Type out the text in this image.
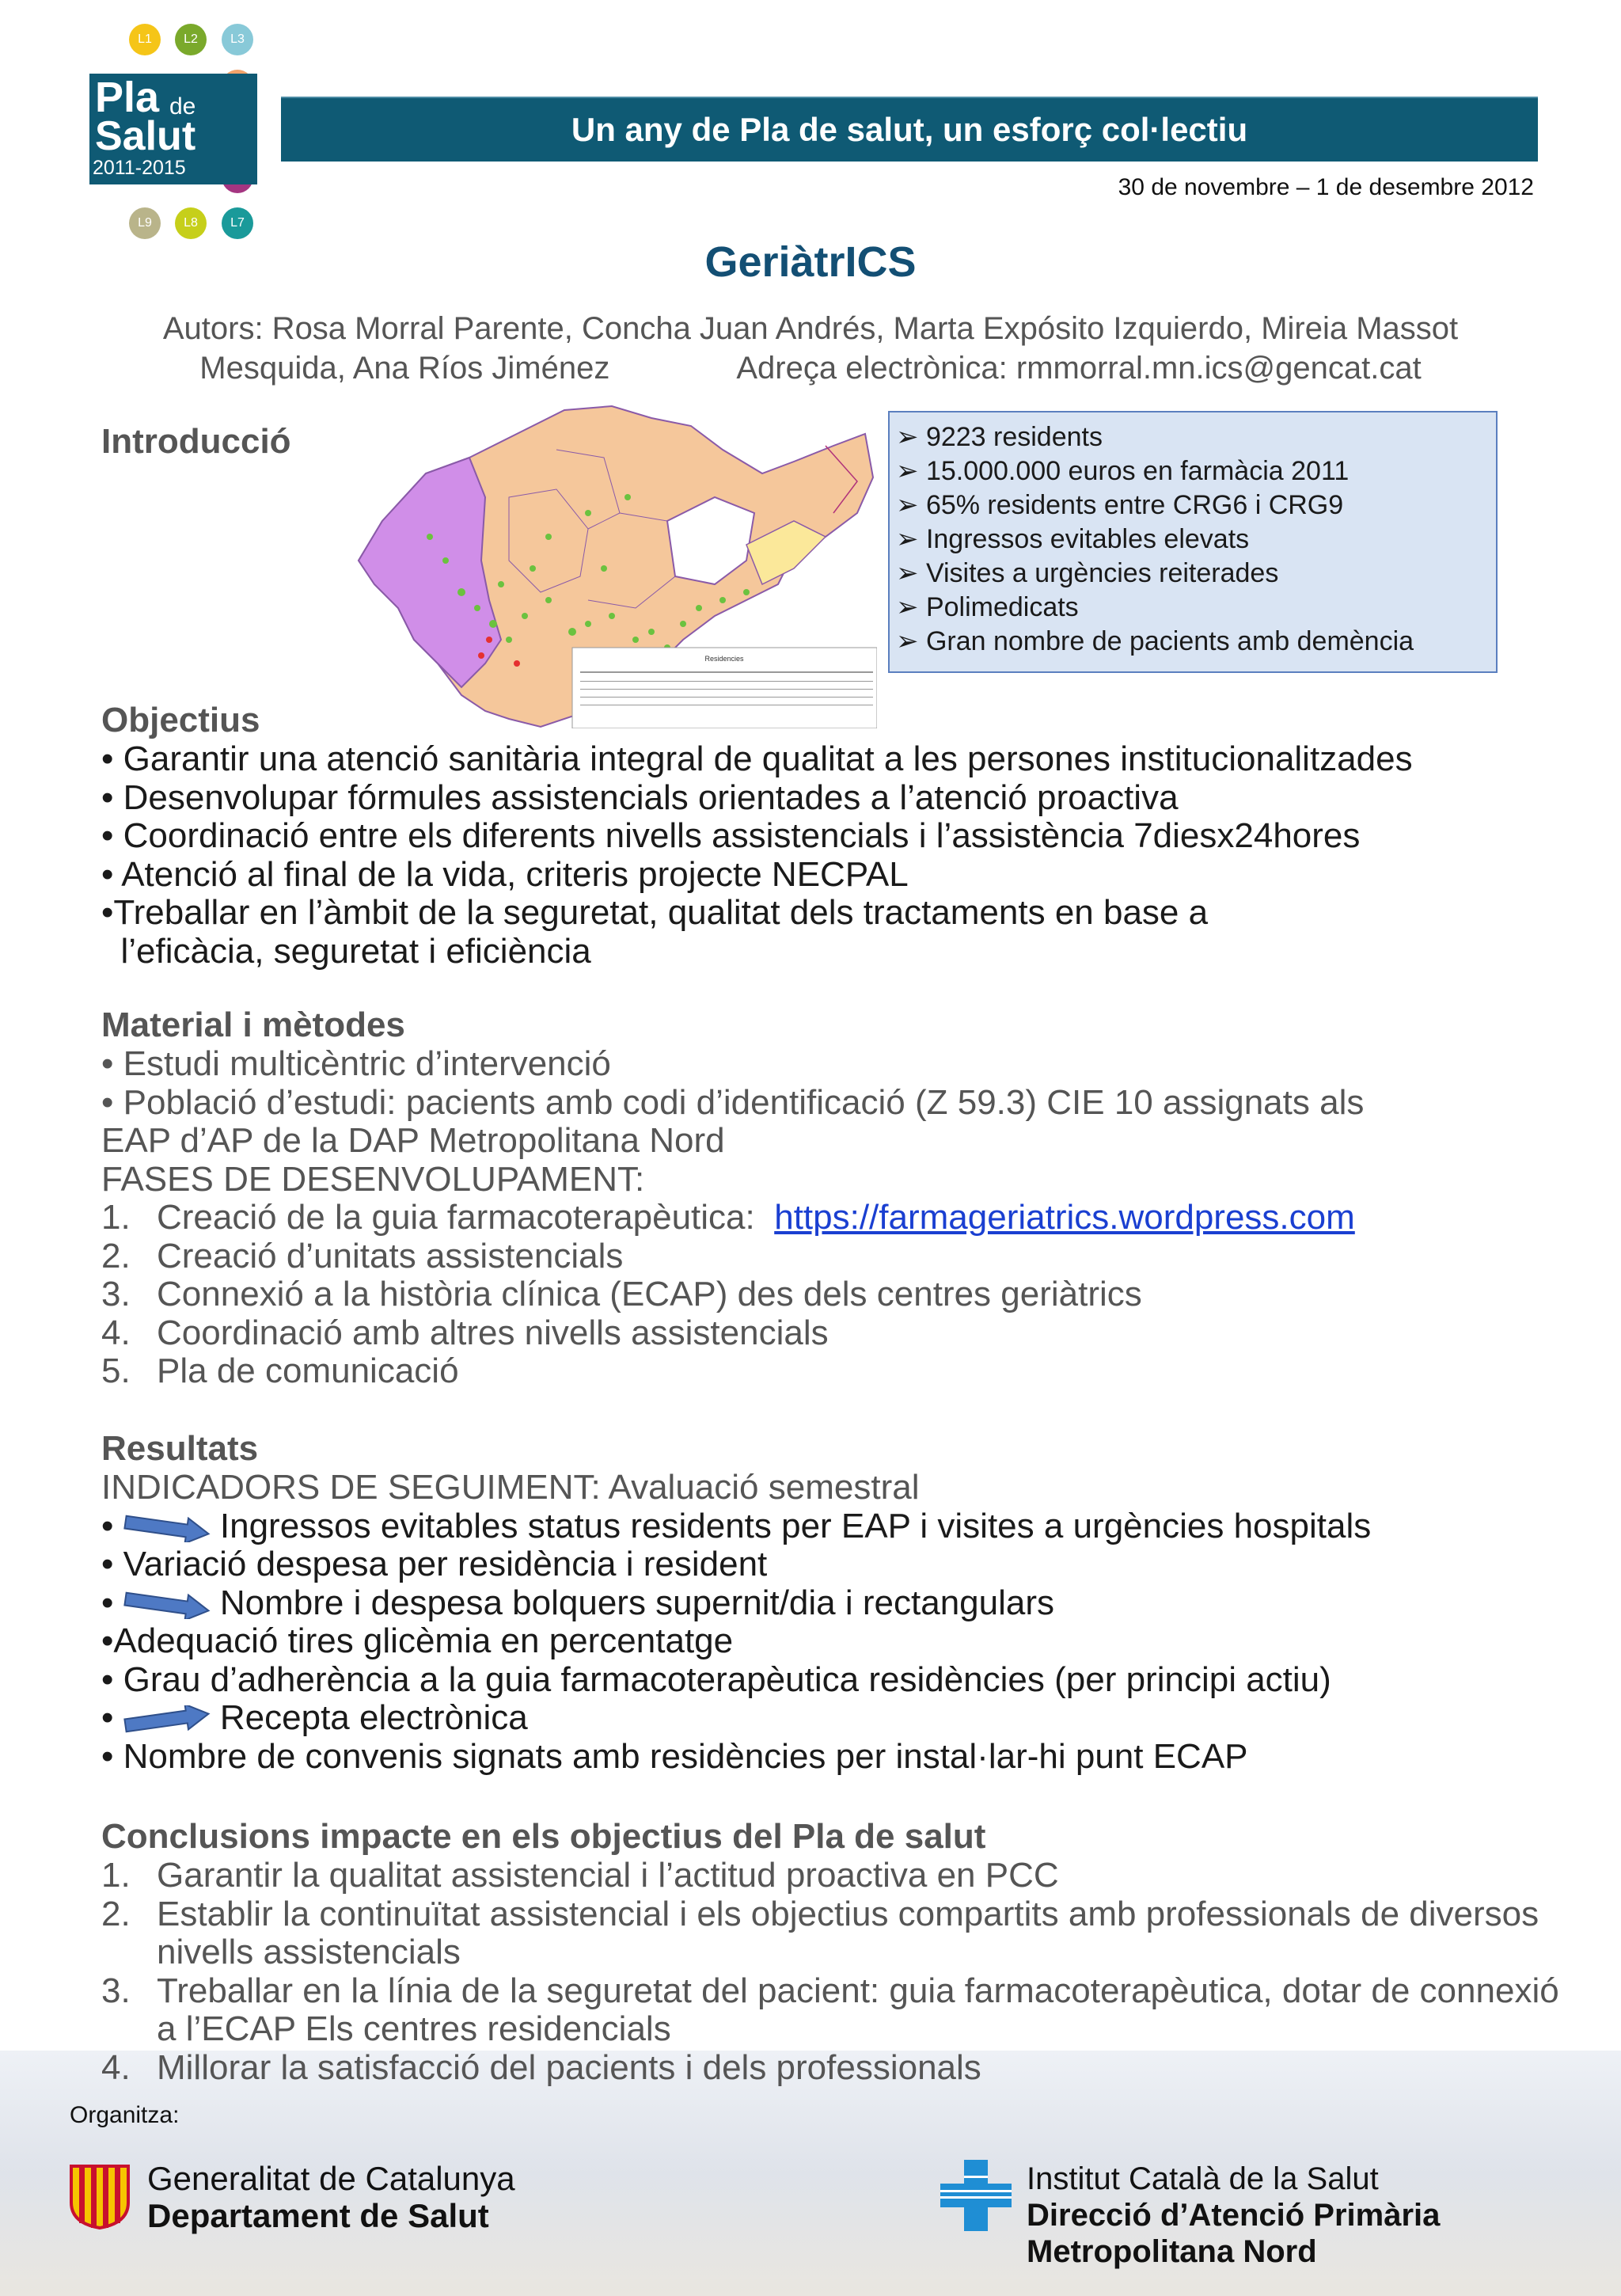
L1	L2	L3
L7
L8
L9
Pla de
Salut
2011-2015
Un any de Pla de salut, un esforç col·lectiu
30 de novembre – 1 de desembre 2012
GeriàtrICS
Autors: Rosa Morral Parente, Concha Juan Andrés, Marta Expósito Izquierdo, Mireia Massot
Mesquida, Ana Ríos Jiménez	Adreça electrònica: rmmorral.mn.ics@gencat.cat
Introducció
Residencies
➢ 9223 residents
➢ 15.000.000 euros en farmàcia 2011
➢ 65% residents entre CRG6 i CRG9
➢ Ingressos evitables elevats
➢ Visites a urgències reiterades
➢ Polimedicats
➢ Gran nombre de pacients amb demència
Objectius
• Garantir una atenció sanitària integral de qualitat a les persones institucionalitzades
• Desenvolupar fórmules assistencials orientades a l’atenció proactiva
• Coordinació entre els diferents nivells assistencials i l’assistència 7diesx24hores
• Atenció al final de la vida, criteris projecte NECPAL
•Treballar en l’àmbit de la seguretat, qualitat dels tractaments en base a
l’eficàcia, seguretat i eficiència
Material i mètodes
• Estudi multicèntric d’intervenció
• Població d’estudi: pacients amb codi d’identificació (Z 59.3) CIE 10 assignats als
EAP d’AP de la DAP Metropolitana Nord
FASES DE DESENVOLUPAMENT:
1. Creació de la guia farmacoterapèutica: https://farmageriatrics.wordpress.com
2. Creació d’unitats assistencials
3. Connexió a la història clínica (ECAP) des dels centres geriàtrics
4. Coordinació amb altres nivells assistencials
5. Pla de comunicació
Resultats
INDICADORS DE SEGUIMENT: Avaluació semestral
•	Ingressos evitables status residents per EAP i visites a urgències hospitals
• Variació despesa per residència i resident
•	Nombre i despesa bolquers supernit/dia i rectangulars
•Adequació tires glicèmia en percentatge
• Grau d’adherència a la guia farmacoterapèutica residències (per principi actiu)
•	Recepta electrònica
• Nombre de convenis signats amb residències per instal·lar-hi punt ECAP
Conclusions impacte en els objectius del Pla de salut
1. Garantir la qualitat assistencial i l’actitud proactiva en PCC
2. Establir la continuïtat assistencial i els objectius compartits amb professionals de diversos nivells assistencials
3. Treballar en la línia de la seguretat del pacient: guia farmacoterapèutica, dotar de connexió a l’ECAP Els centres residencials
4. Millorar la satisfacció del pacients i dels professionals
Organitza:
Generalitat de Catalunya
Departament de Salut
Institut Català de la Salut
Direcció d’Atenció Primària
Metropolitana Nord
